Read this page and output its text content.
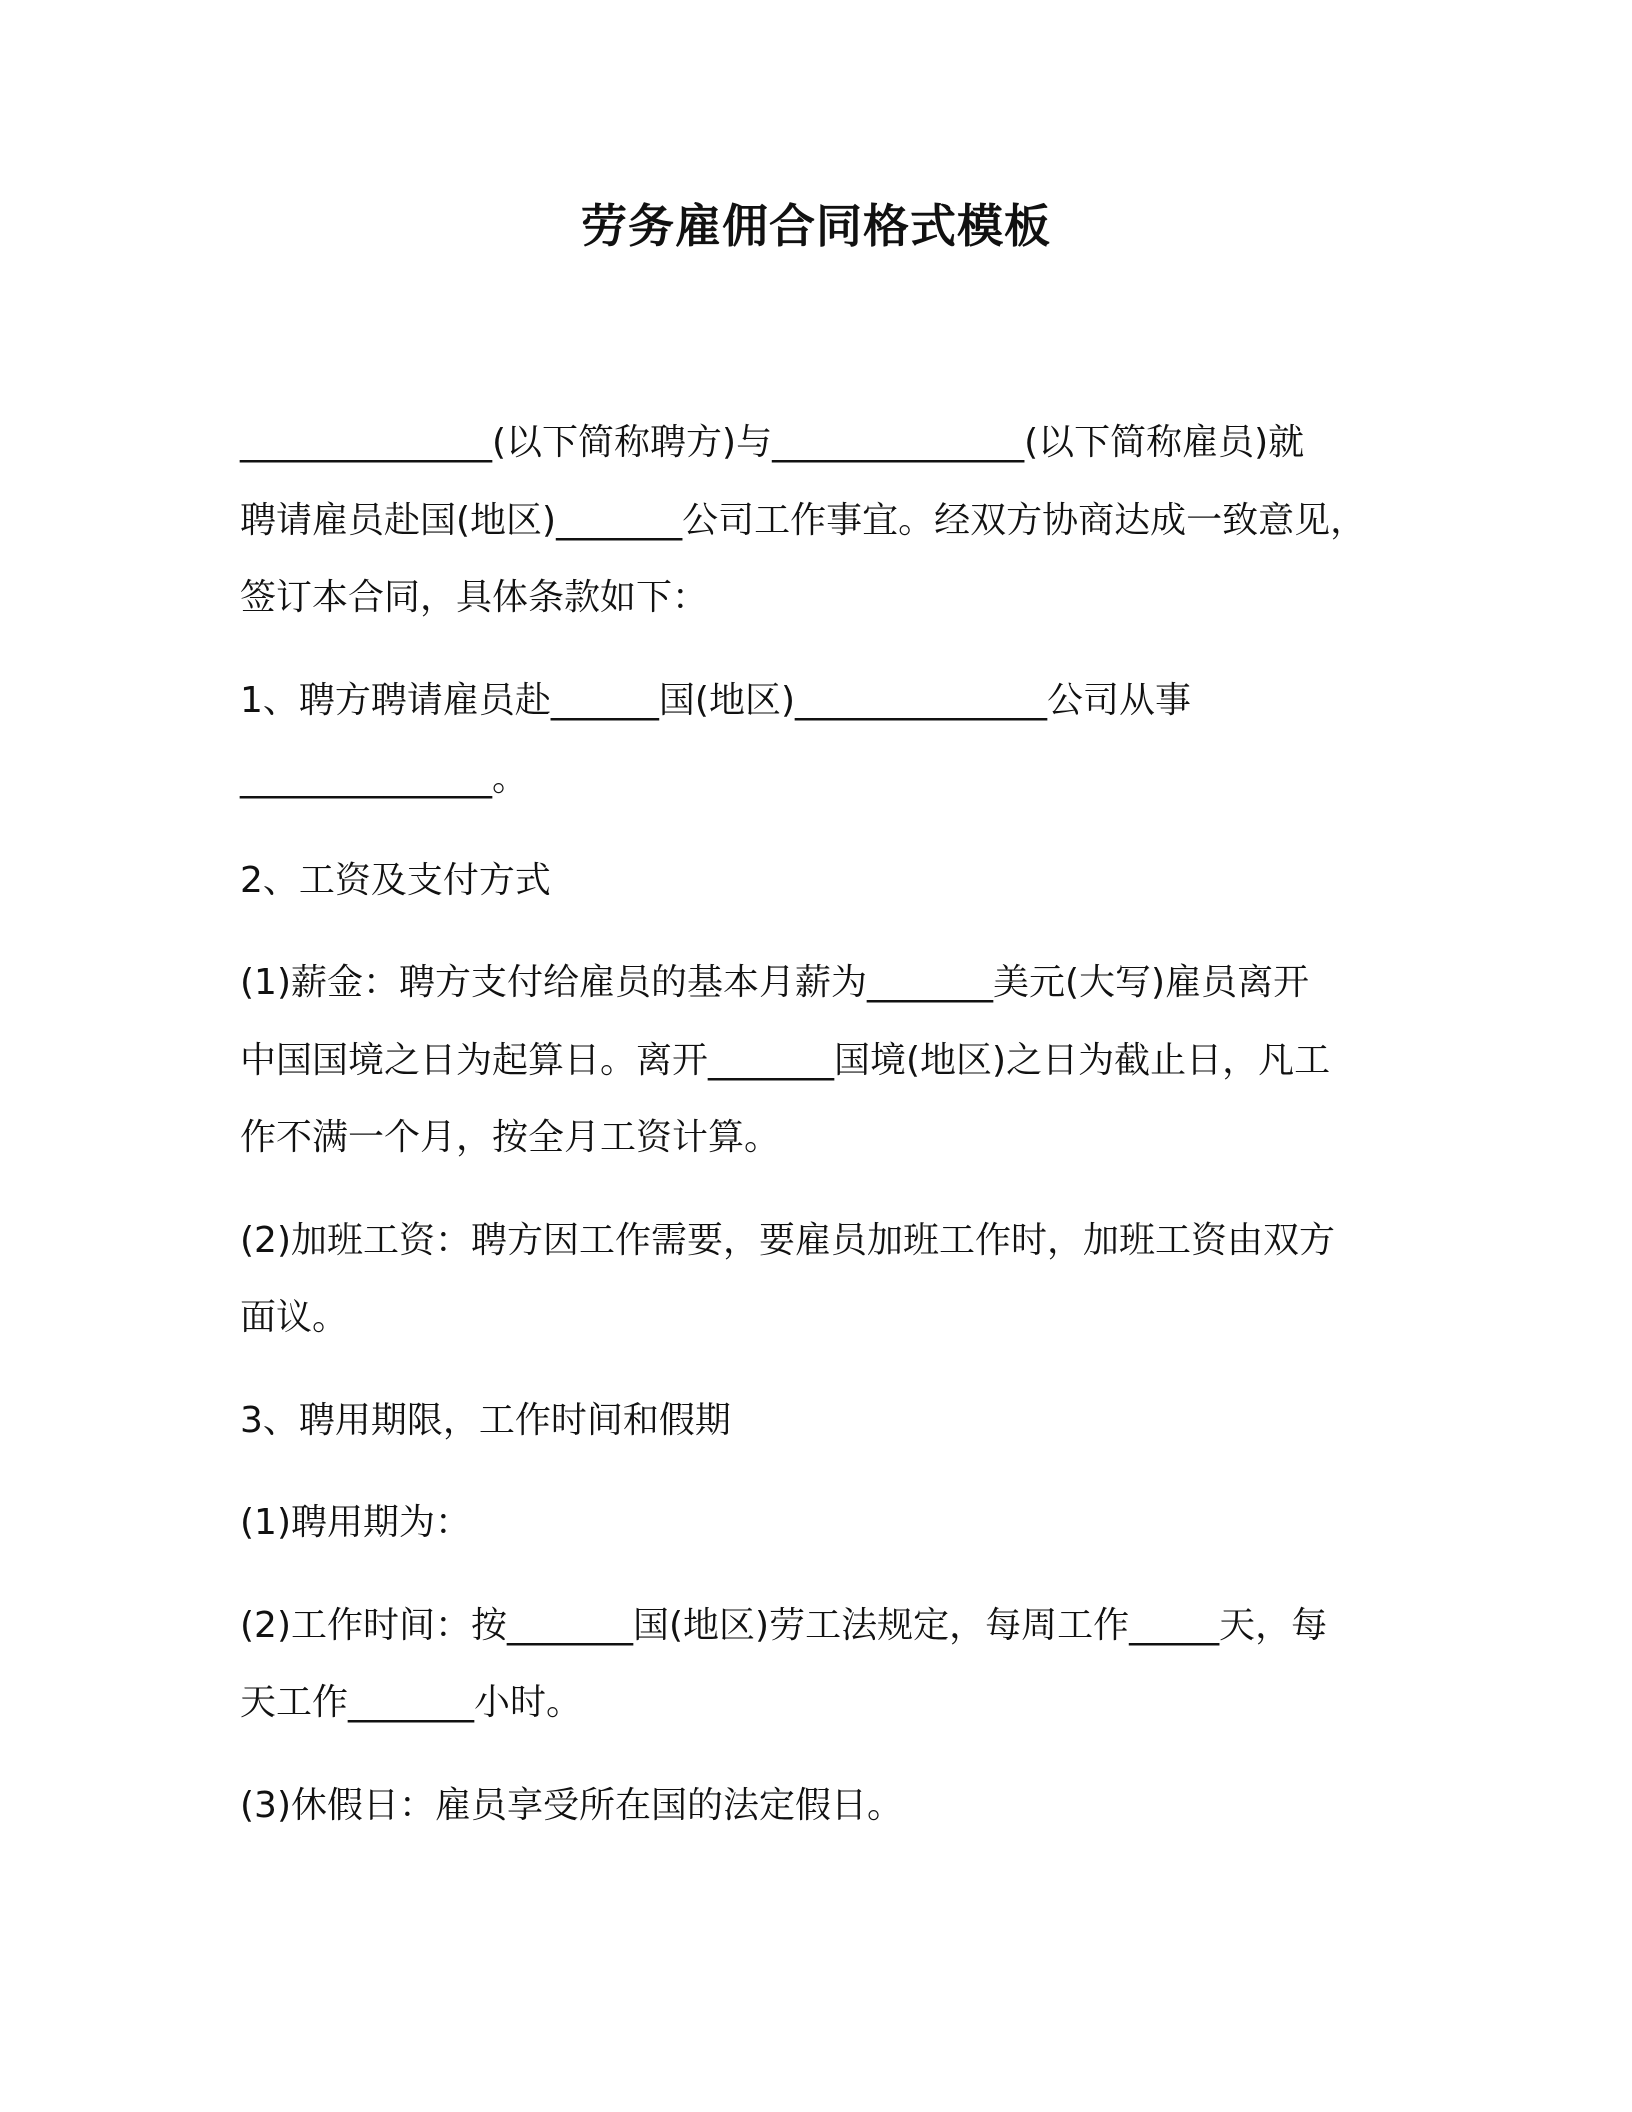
劳务雇佣合同格式模板
______________(以下简称聘方)与______________(以下简称雇员)就
聘请雇员赴国(地区)_______公司工作事宜。经双方协商达成一致意见，
签订本合同，具体条款如下：
1、聘方聘请雇员赴______国(地区)______________公司从事
______________。
2、工资及支付方式
(1)薪金：聘方支付给雇员的基本月薪为_______美元(大写)雇员离开
中国国境之日为起算日。离开_______国境(地区)之日为截止日，凡工
作不满一个月，按全月工资计算。
(2)加班工资：聘方因工作需要，要雇员加班工作时，加班工资由双方
面议。
3、聘用期限，工作时间和假期
(1)聘用期为：
(2)工作时间：按_______国(地区)劳工法规定，每周工作_____天，每
天工作_______小时。
(3)休假日：雇员享受所在国的法定假日。
